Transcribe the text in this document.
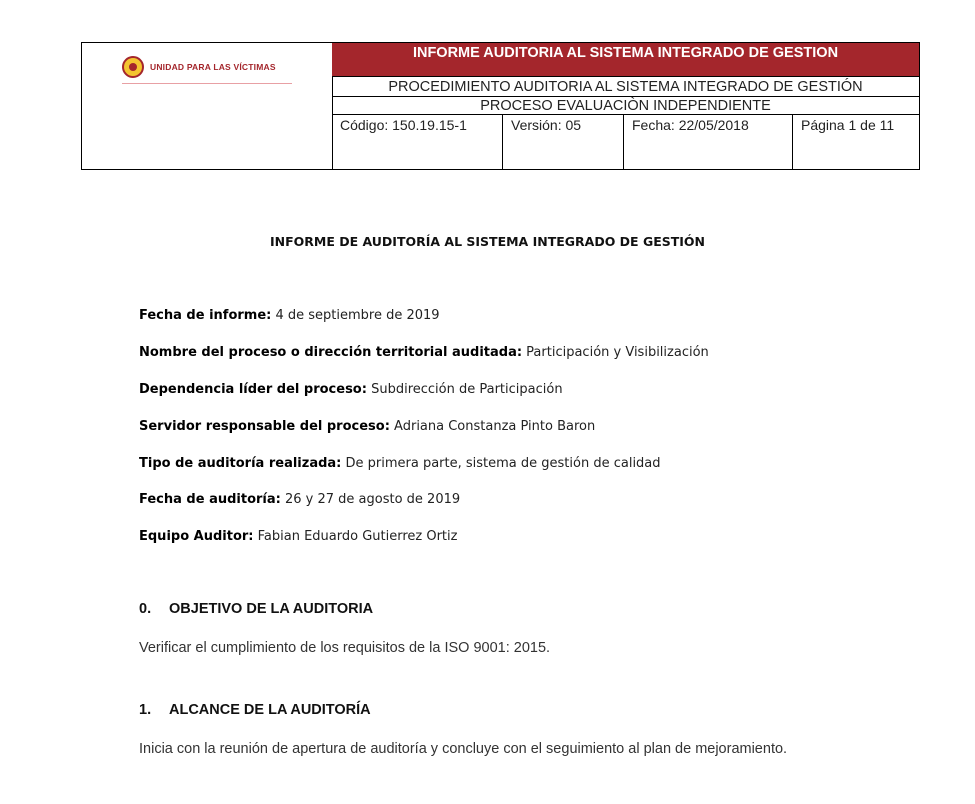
UNIDAD PARA LAS VÍCTIMAS
INFORME AUDITORIA AL SISTEMA INTEGRADO DE GESTION
PROCEDIMIENTO AUDITORIA AL SISTEMA INTEGRADO DE GESTIÓN
PROCESO EVALUACIÒN INDEPENDIENTE
Código: 150.19.15-1	Versión: 05	Fecha: 22/05/2018	Página 1 de 11
INFORME DE AUDITORÍA AL SISTEMA INTEGRADO DE GESTIÓN
Fecha de informe: 4 de septiembre de 2019
Nombre del proceso o dirección territorial auditada: Participación y Visibilización
Dependencia líder del proceso: Subdirección de Participación
Servidor responsable del proceso: Adriana Constanza Pinto Baron
Tipo de auditoría realizada: De primera parte, sistema de gestión de calidad
Fecha de auditoría: 26 y 27 de agosto de 2019
Equipo Auditor: Fabian Eduardo Gutierrez Ortiz
0. OBJETIVO DE LA AUDITORIA
Verificar el cumplimiento de los requisitos de la ISO 9001: 2015.
1. ALCANCE DE LA AUDITORÍA
Inicia con la reunión de apertura de auditoría y concluye con el seguimiento al plan de mejoramiento.
